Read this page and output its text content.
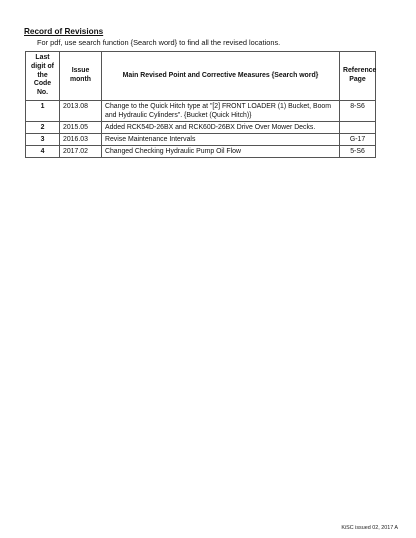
Record of Revisions
For pdf, use search function {Search word} to find all the revised locations.
Last digit of the Code No.	Issue month	Main Revised Point and Corrective Measures {Search word}	Reference Page
1	2013.08	Change to the Quick Hitch type at "[2] FRONT LOADER (1) Bucket, Boom and Hydraulic Cylinders". {Bucket (Quick Hitch)}	8-S6
2	2015.05	Added RCK54D-26BX and RCK60D-26BX Drive Over Mower Decks.	
3	2016.03	Revise Maintenance Intervals	G-17
4	2017.02	Changed Checking Hydraulic Pump Oil Flow	5-S6
KiSC issued 02, 2017 A
